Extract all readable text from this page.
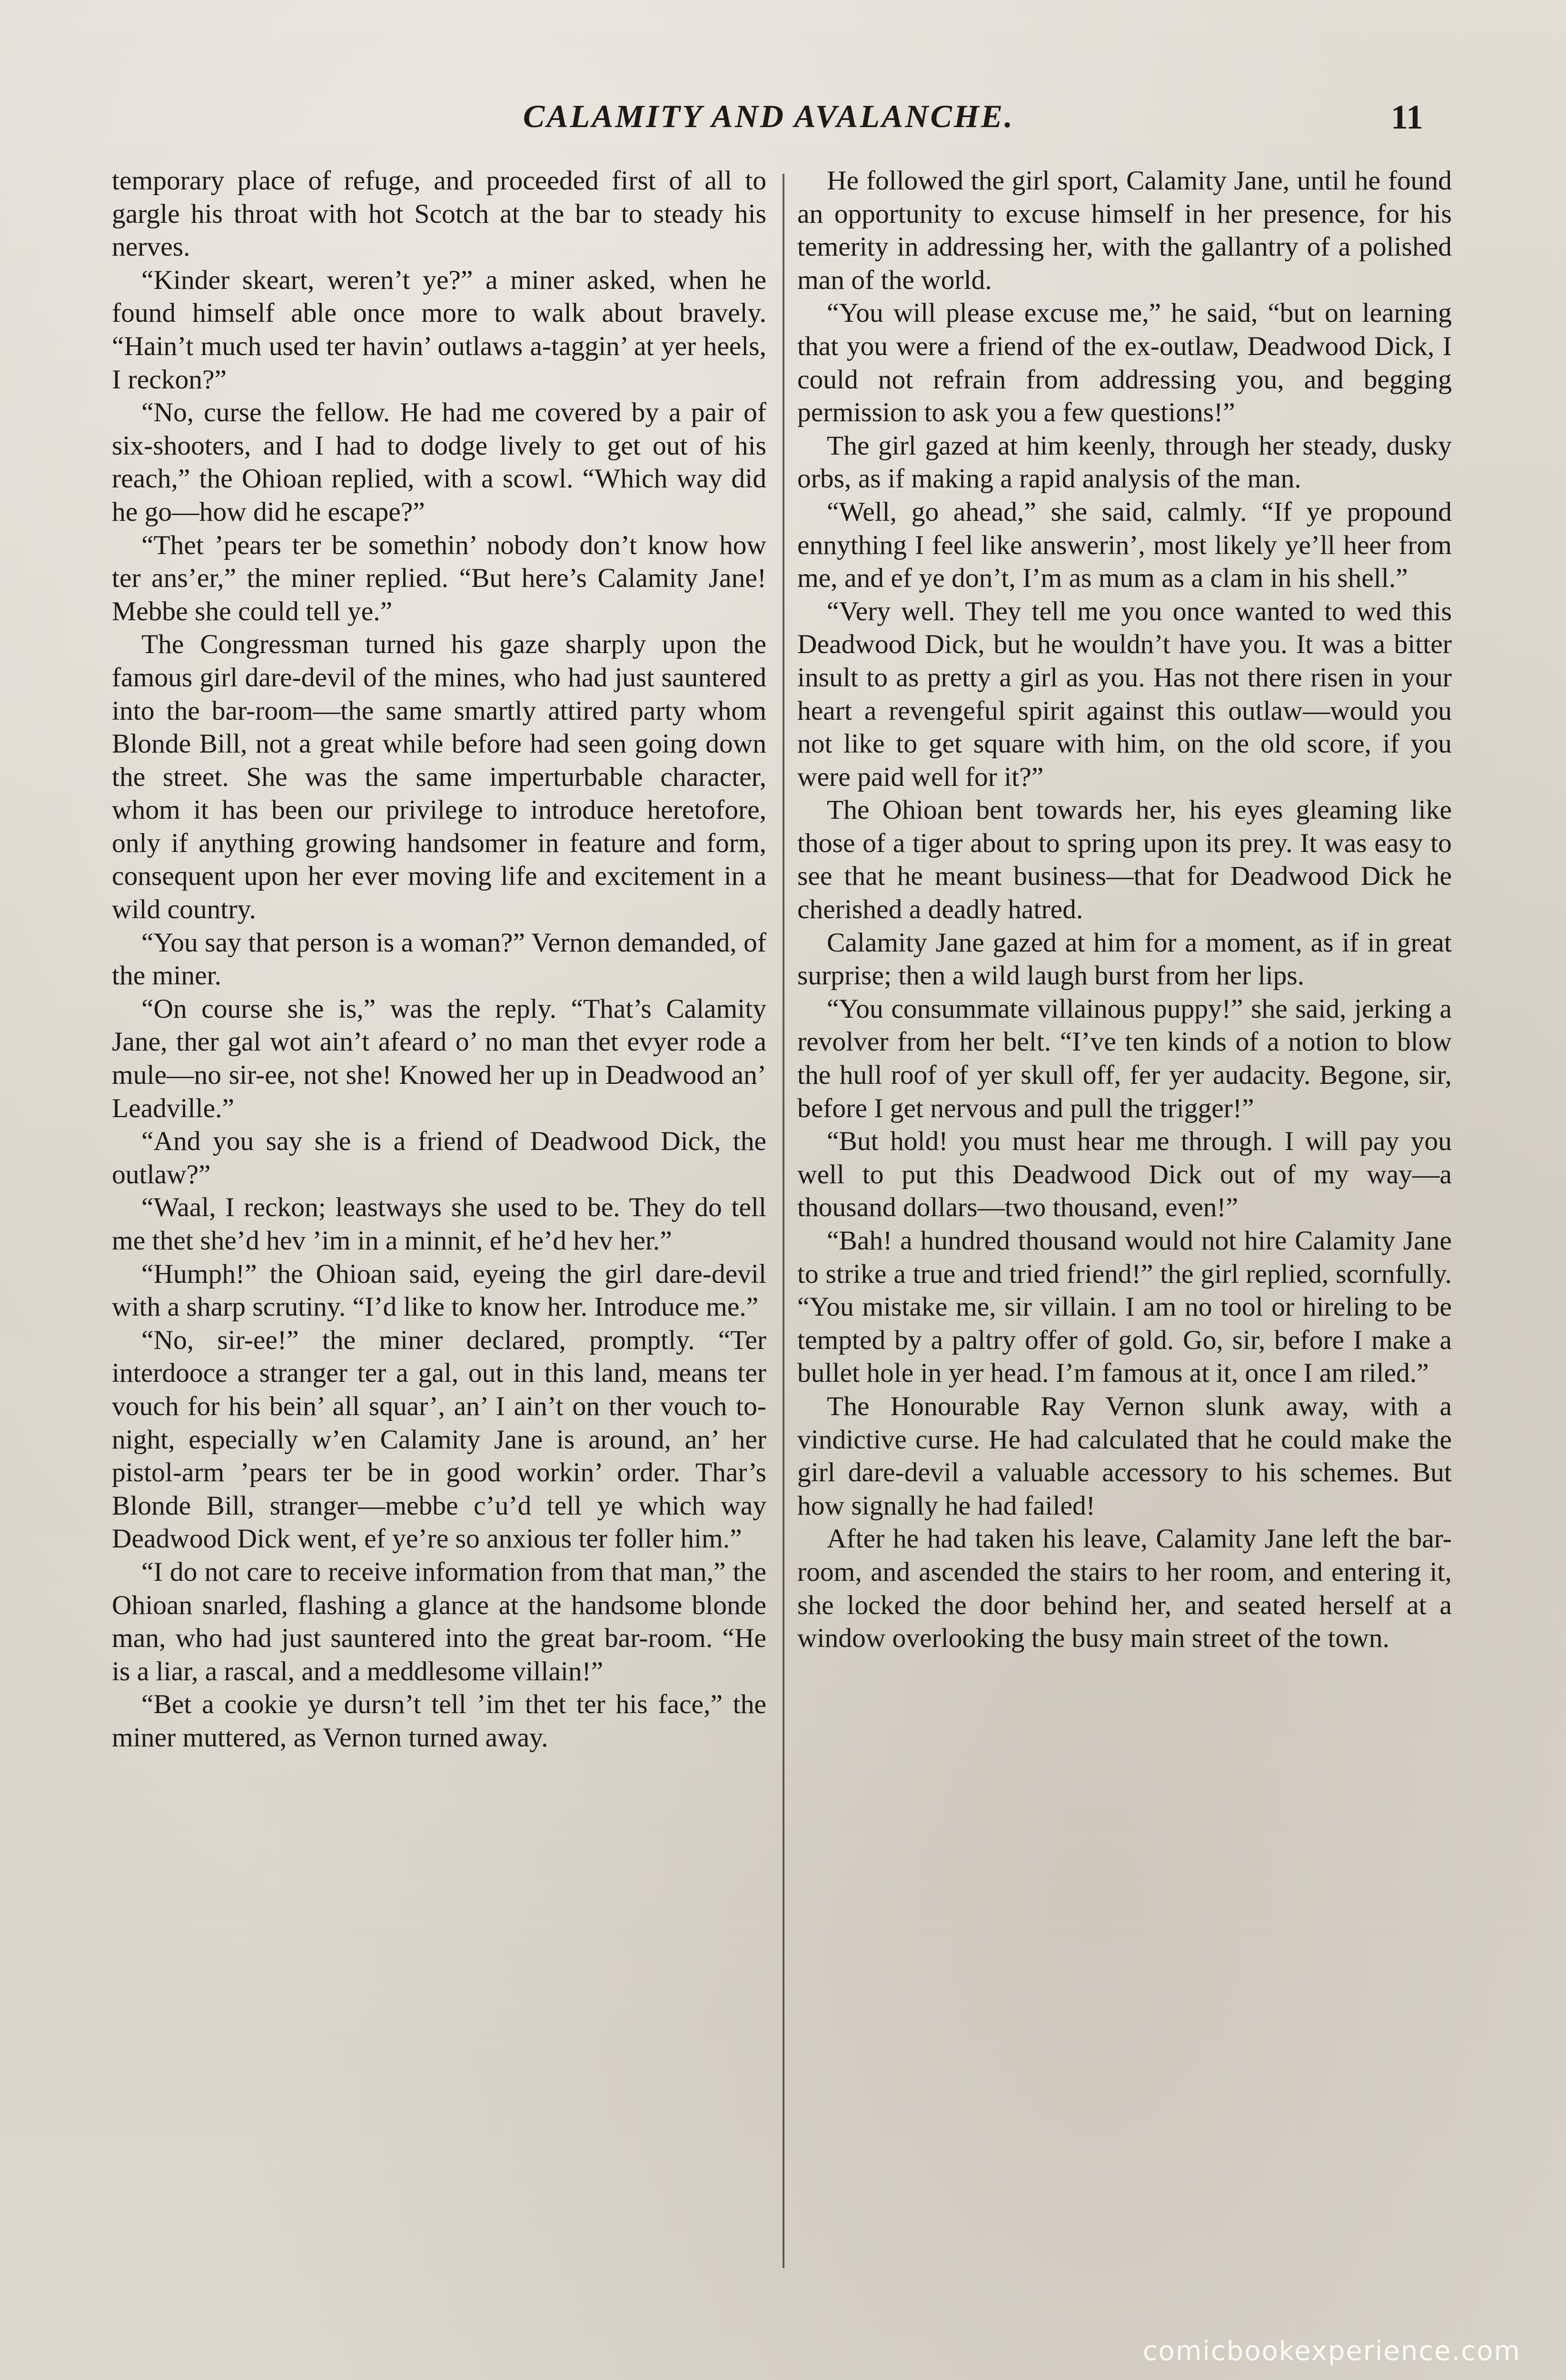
CALAMITY AND AVALANCHE.	11

temporary place of refuge, and proceeded first of all to gargle his throat with hot Scotch at the bar to steady his nerves.

“Kinder skeart, weren’t ye?” a miner asked, when he found himself able once more to walk about bravely. “Hain’t much used ter havin’ outlaws a-taggin’ at yer heels, I reckon?”

“No, curse the fellow. He had me covered by a pair of six-shooters, and I had to dodge lively to get out of his reach,” the Ohioan replied, with a scowl. “Which way did he go—how did he escape?”

“Thet ’pears ter be somethin’ nobody don’t know how ter ans’er,” the miner replied. “But here’s Calamity Jane! Mebbe she could tell ye.”

The Congressman turned his gaze sharply upon the famous girl dare-devil of the mines, who had just sauntered into the bar-room—the same smartly attired party whom Blonde Bill, not a great while before had seen going down the street. She was the same imperturbable character, whom it has been our privilege to introduce heretofore, only if anything growing handsomer in feature and form, consequent upon her ever moving life and excitement in a wild country.

“You say that person is a woman?” Vernon demanded, of the miner.

“On course she is,” was the reply. “That’s Calamity Jane, ther gal wot ain’t afeard o’ no man thet evyer rode a mule—no sir-ee, not she! Knowed her up in Deadwood an’ Leadville.”

“And you say she is a friend of Deadwood Dick, the outlaw?”

“Waal, I reckon; leastways she used to be. They do tell me thet she’d hev ’im in a minnit, ef he’d hev her.”

“Humph!” the Ohioan said, eyeing the girl dare-devil with a sharp scrutiny. “I’d like to know her. Introduce me.”

“No, sir-ee!” the miner declared, promptly. “Ter interdooce a stranger ter a gal, out in this land, means ter vouch for his bein’ all squar’, an’ I ain’t on ther vouch to-night, especially w’en Calamity Jane is around, an’ her pistol-arm ’pears ter be in good workin’ order. Thar’s Blonde Bill, stranger—mebbe c’u’d tell ye which way Deadwood Dick went, ef ye’re so anxious ter foller him.”

“I do not care to receive information from that man,” the Ohioan snarled, flashing a glance at the handsome blonde man, who had just sauntered into the great bar-room. “He is a liar, a rascal, and a meddlesome villain!”

“Bet a cookie ye dursn’t tell ’im thet ter his face,” the miner muttered, as Vernon turned away.

He followed the girl sport, Calamity Jane, until he found an opportunity to excuse himself in her presence, for his temerity in addressing her, with the gallantry of a polished man of the world.

“You will please excuse me,” he said, “but on learning that you were a friend of the ex-outlaw, Deadwood Dick, I could not refrain from addressing you, and begging permission to ask you a few questions!”

The girl gazed at him keenly, through her steady, dusky orbs, as if making a rapid analysis of the man.

“Well, go ahead,” she said, calmly. “If ye propound ennything I feel like answerin’, most likely ye’ll heer from me, and ef ye don’t, I’m as mum as a clam in his shell.”

“Very well. They tell me you once wanted to wed this Deadwood Dick, but he wouldn’t have you. It was a bitter insult to as pretty a girl as you. Has not there risen in your heart a revengeful spirit against this outlaw—would you not like to get square with him, on the old score, if you were paid well for it?”

The Ohioan bent towards her, his eyes gleaming like those of a tiger about to spring upon its prey. It was easy to see that he meant business—that for Deadwood Dick he cherished a deadly hatred.

Calamity Jane gazed at him for a moment, as if in great surprise; then a wild laugh burst from her lips.

“You consummate villainous puppy!” she said, jerking a revolver from her belt. “I’ve ten kinds of a notion to blow the hull roof of yer skull off, fer yer audacity. Begone, sir, before I get nervous and pull the trigger!”

“But hold! you must hear me through. I will pay you well to put this Deadwood Dick out of my way—a thousand dollars—two thousand, even!”

“Bah! a hundred thousand would not hire Calamity Jane to strike a true and tried friend!” the girl replied, scornfully. “You mistake me, sir villain. I am no tool or hireling to be tempted by a paltry offer of gold. Go, sir, before I make a bullet hole in yer head. I’m famous at it, once I am riled.”

The Honourable Ray Vernon slunk away, with a vindictive curse. He had calculated that he could make the girl dare-devil a valuable accessory to his schemes. But how signally he had failed!

After he had taken his leave, Calamity Jane left the bar-room, and ascended the stairs to her room, and entering it, she locked the door behind her, and seated herself at a window overlooking the busy main street of the town.

comicbookexperience.com
